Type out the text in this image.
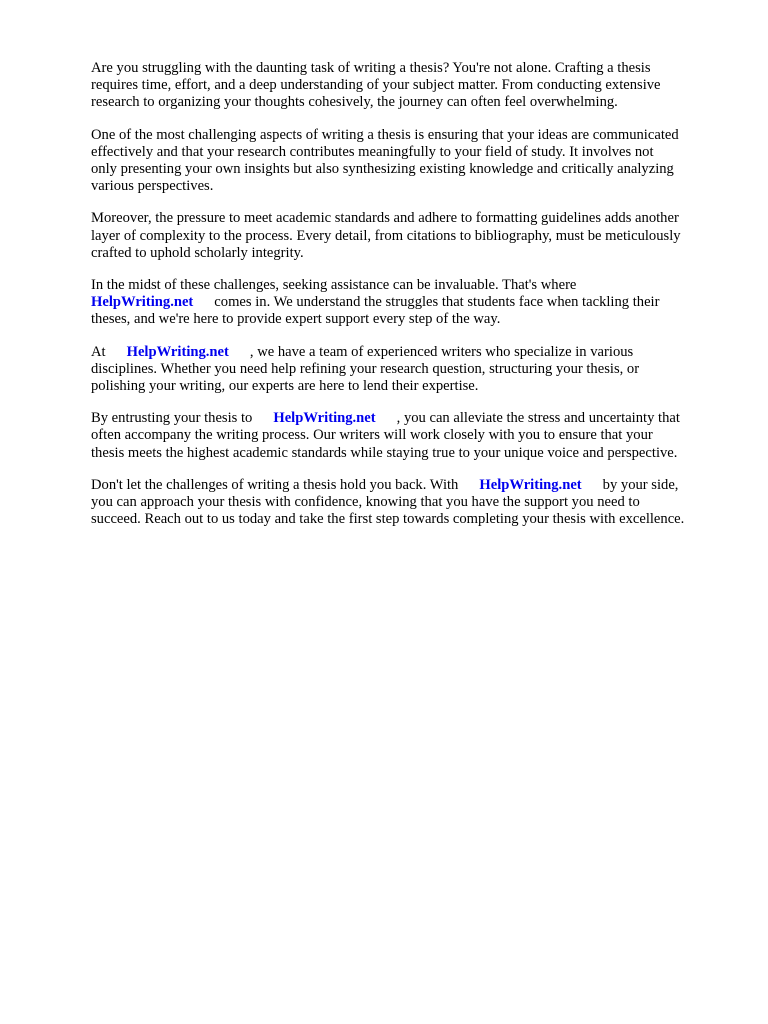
Are you struggling with the daunting task of writing a thesis? You're not alone. Crafting a thesis
requires time, effort, and a deep understanding of your subject matter. From conducting extensive
research to organizing your thoughts cohesively, the journey can often feel overwhelming.

One of the most challenging aspects of writing a thesis is ensuring that your ideas are communicated
effectively and that your research contributes meaningfully to your field of study. It involves not
only presenting your own insights but also synthesizing existing knowledge and critically analyzing
various perspectives.

Moreover, the pressure to meet academic standards and adhere to formatting guidelines adds another
layer of complexity to the process. Every detail, from citations to bibliography, must be meticulously
crafted to uphold scholarly integrity.

In the midst of these challenges, seeking assistance can be invaluable. That's where
HelpWriting.net comes in. We understand the struggles that students face when tackling their
theses, and we're here to provide expert support every step of the way.

At HelpWriting.net , we have a team of experienced writers who specialize in various
disciplines. Whether you need help refining your research question, structuring your thesis, or
polishing your writing, our experts are here to lend their expertise.

By entrusting your thesis to HelpWriting.net , you can alleviate the stress and uncertainty that
often accompany the writing process. Our writers will work closely with you to ensure that your
thesis meets the highest academic standards while staying true to your unique voice and perspective.

Don't let the challenges of writing a thesis hold you back. With HelpWriting.net by your side,
you can approach your thesis with confidence, knowing that you have the support you need to
succeed. Reach out to us today and take the first step towards completing your thesis with excellence.
